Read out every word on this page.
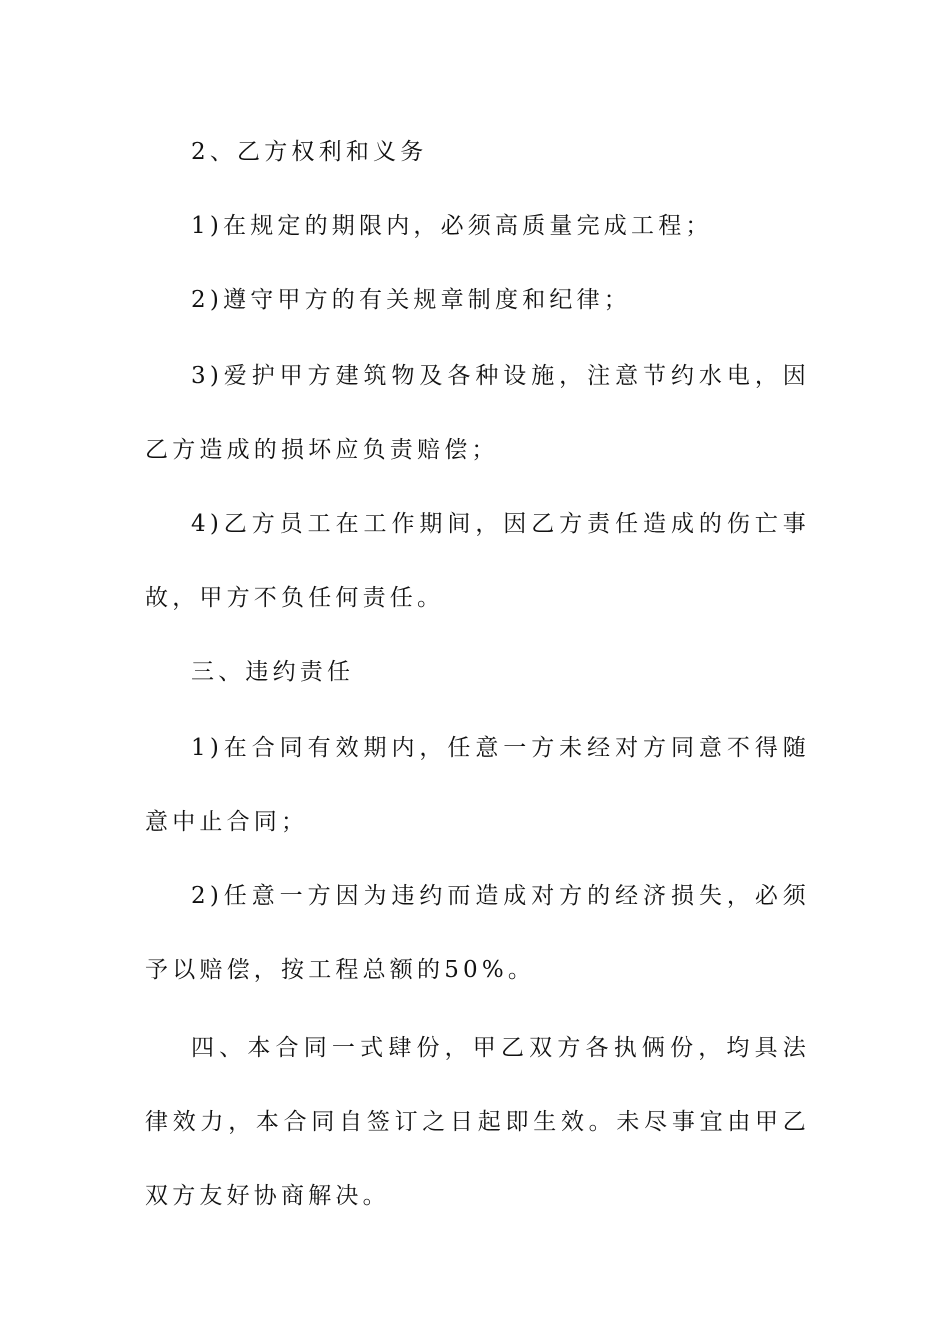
2、乙方权利和义务

1)在规定的期限内，必须高质量完成工程；

2)遵守甲方的有关规章制度和纪律；

3)爱护甲方建筑物及各种设施，注意节约水电，因乙方造成的损坏应负责赔偿；

4)乙方员工在工作期间，因乙方责任造成的伤亡事故，甲方不负任何责任。

三、违约责任

1)在合同有效期内，任意一方未经对方同意不得随意中止合同；

2)任意一方因为违约而造成对方的经济损失，必须予以赔偿，按工程总额的50%。

四、本合同一式肆份，甲乙双方各执俩份，均具法律效力，本合同自签订之日起即生效。未尽事宜由甲乙双方友好协商解决。
